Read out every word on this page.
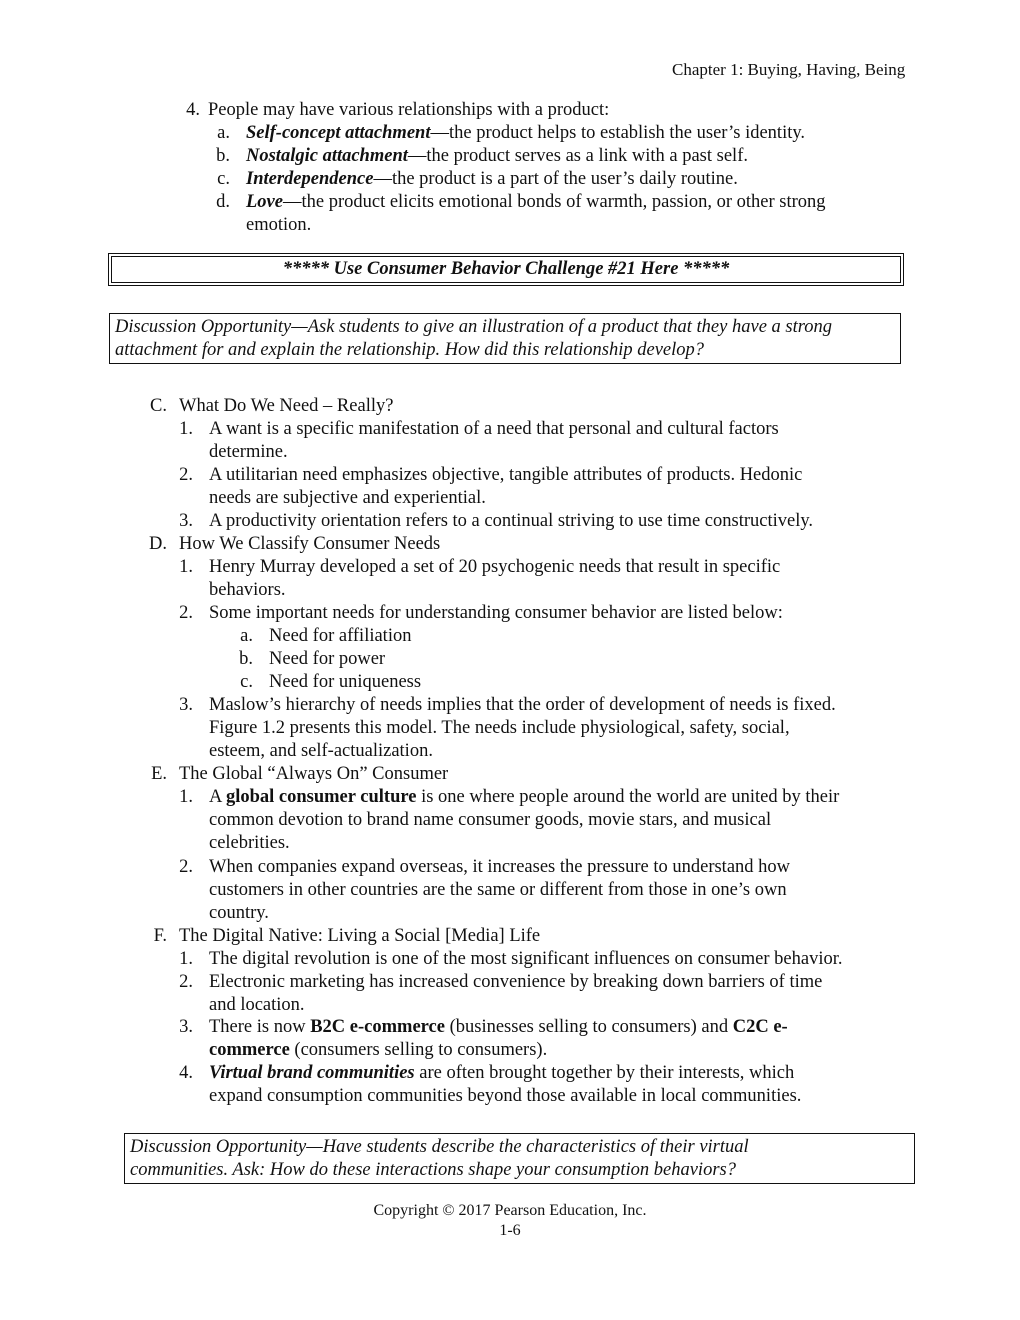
Chapter 1: Buying, Having, Being
4. People may have various relationships with a product:
a. Self-concept attachment—the product helps to establish the user’s identity.
b. Nostalgic attachment—the product serves as a link with a past self.
c. Interdependence—the product is a part of the user’s daily routine.
d. Love—the product elicits emotional bonds of warmth, passion, or other strong
emotion.
***** Use Consumer Behavior Challenge #21 Here *****
Discussion Opportunity—Ask students to give an illustration of a product that they have a strong
attachment for and explain the relationship. How did this relationship develop?
C. What Do We Need – Really?
1. A want is a specific manifestation of a need that personal and cultural factors
determine.
2. A utilitarian need emphasizes objective, tangible attributes of products. Hedonic
needs are subjective and experiential.
3. A productivity orientation refers to a continual striving to use time constructively.
D. How We Classify Consumer Needs
1. Henry Murray developed a set of 20 psychogenic needs that result in specific
behaviors.
2. Some important needs for understanding consumer behavior are listed below:
a. Need for affiliation
b. Need for power
c. Need for uniqueness
3. Maslow’s hierarchy of needs implies that the order of development of needs is fixed.
Figure 1.2 presents this model. The needs include physiological, safety, social,
esteem, and self-actualization.
E. The Global “Always On” Consumer
1. A global consumer culture is one where people around the world are united by their
common devotion to brand name consumer goods, movie stars, and musical
celebrities.
2. When companies expand overseas, it increases the pressure to understand how
customers in other countries are the same or different from those in one’s own
country.
F. The Digital Native: Living a Social [Media] Life
1. The digital revolution is one of the most significant influences on consumer behavior.
2. Electronic marketing has increased convenience by breaking down barriers of time
and location.
3. There is now B2C e-commerce (businesses selling to consumers) and C2C e-
commerce (consumers selling to consumers).
4. Virtual brand communities are often brought together by their interests, which
expand consumption communities beyond those available in local communities.
Discussion Opportunity—Have students describe the characteristics of their virtual
communities. Ask: How do these interactions shape your consumption behaviors?
Copyright © 2017 Pearson Education, Inc.
1-6
